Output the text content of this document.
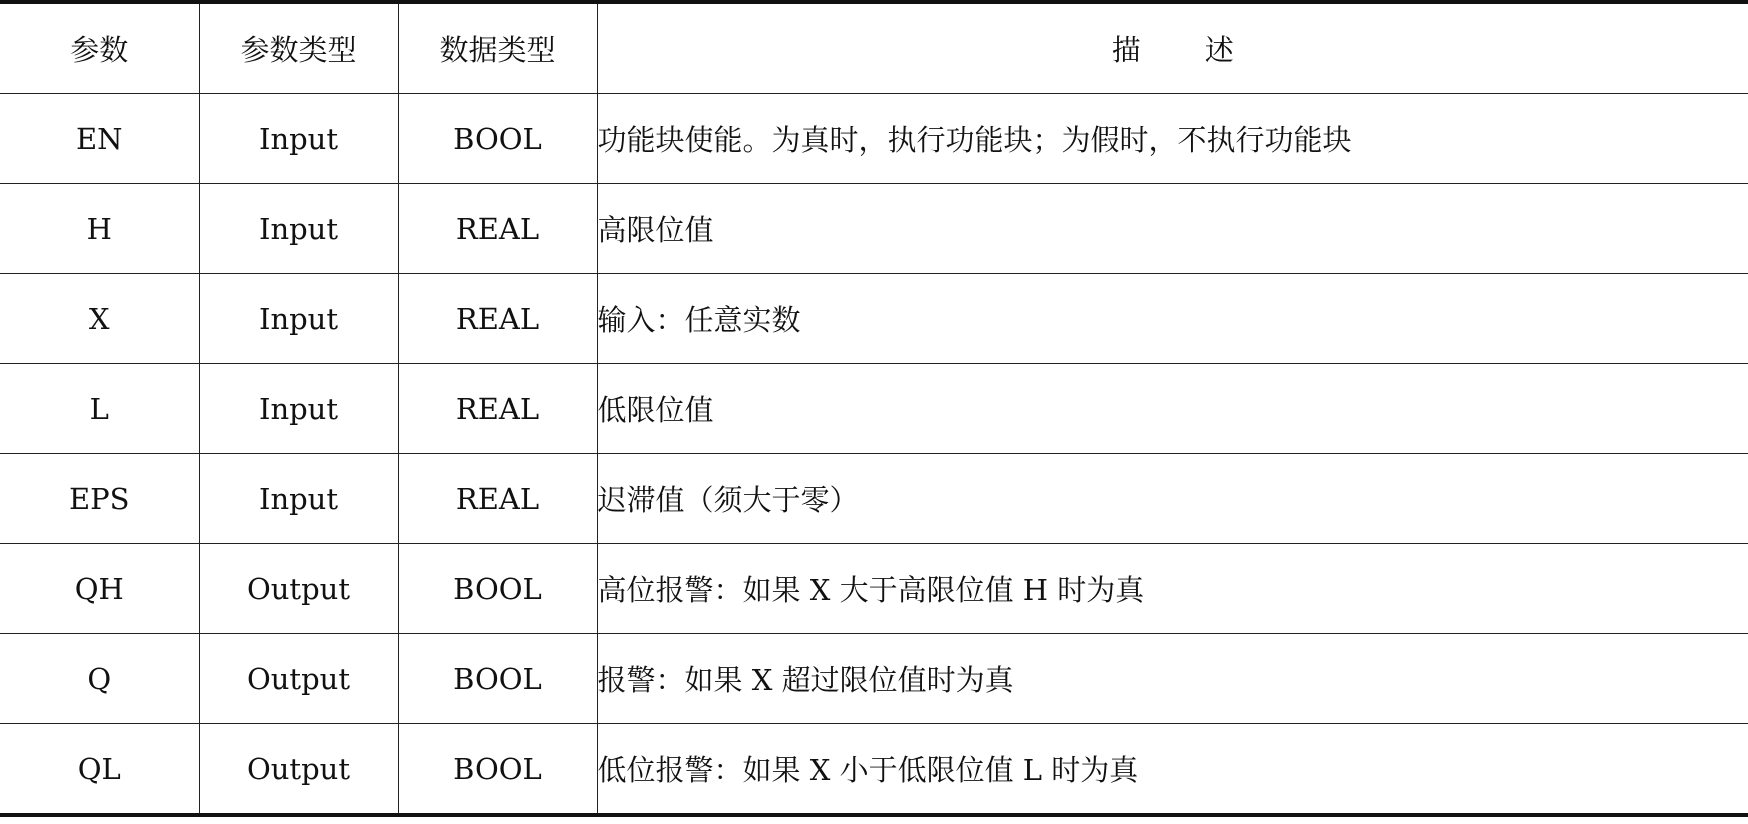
参数	参数类型	数据类型	描 述
EN	Input	BOOL	功能块使能。为真时，执行功能块；为假时，不执行功能块
H	Input	REAL	高限位值
X	Input	REAL	输入：任意实数
L	Input	REAL	低限位值
EPS	Input	REAL	迟滞值（须大于零）
QH	Output	BOOL	高位报警：如果 X 大于高限位值 H 时为真
Q	Output	BOOL	报警：如果 X 超过限位值时为真
QL	Output	BOOL	低位报警：如果 X 小于低限位值 L 时为真
